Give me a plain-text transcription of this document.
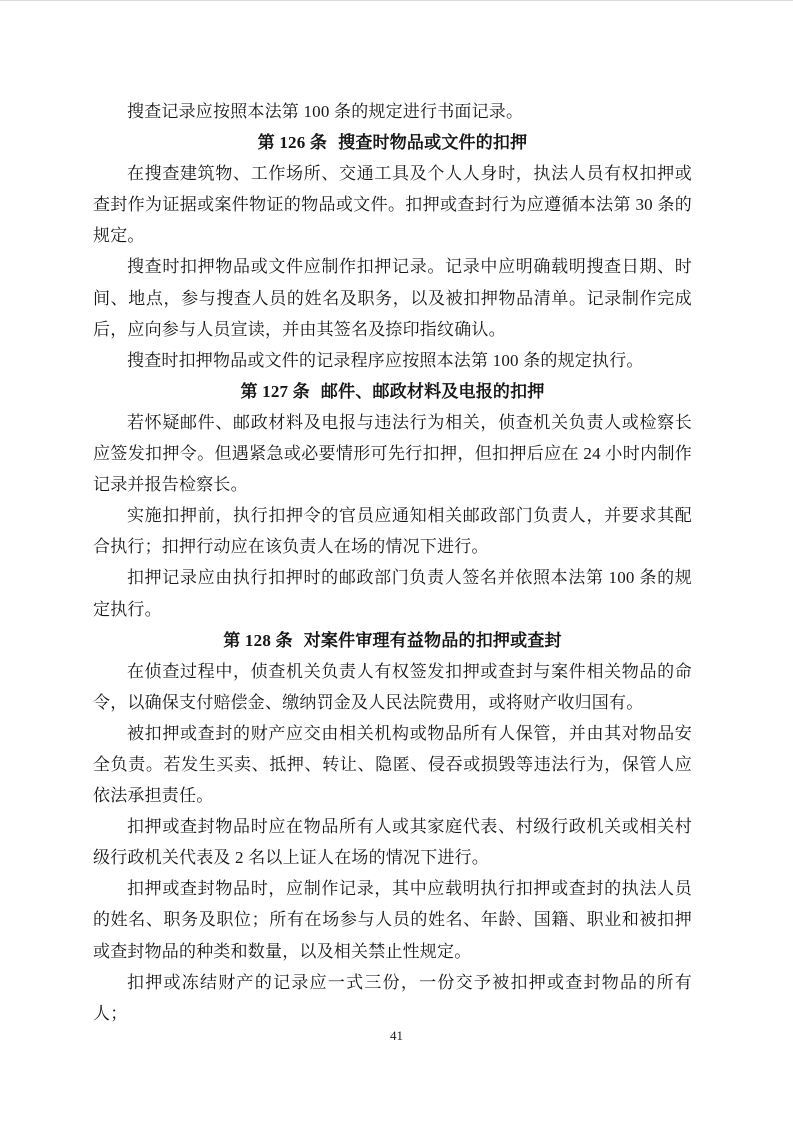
搜查记录应按照本法第 100 条的规定进行书面记录。

第 126 条 搜查时物品或文件的扣押

在搜查建筑物、工作场所、交通工具及个人人身时，执法人员有权扣押或查封作为证据或案件物证的物品或文件。扣押或查封行为应遵循本法第 30 条的规定。

搜查时扣押物品或文件应制作扣押记录。记录中应明确载明搜查日期、时间、地点，参与搜查人员的姓名及职务，以及被扣押物品清单。记录制作完成后，应向参与人员宣读，并由其签名及捺印指纹确认。

搜查时扣押物品或文件的记录程序应按照本法第 100 条的规定执行。

第 127 条 邮件、邮政材料及电报的扣押

若怀疑邮件、邮政材料及电报与违法行为相关，侦查机关负责人或检察长应签发扣押令。但遇紧急或必要情形可先行扣押，但扣押后应在 24 小时内制作记录并报告检察长。

实施扣押前，执行扣押令的官员应通知相关邮政部门负责人，并要求其配合执行；扣押行动应在该负责人在场的情况下进行。

扣押记录应由执行扣押时的邮政部门负责人签名并依照本法第 100 条的规定执行。

第 128 条 对案件审理有益物品的扣押或查封

在侦查过程中，侦查机关负责人有权签发扣押或查封与案件相关物品的命令，以确保支付赔偿金、缴纳罚金及人民法院费用，或将财产收归国有。

被扣押或查封的财产应交由相关机构或物品所有人保管，并由其对物品安全负责。若发生买卖、抵押、转让、隐匿、侵吞或损毁等违法行为，保管人应依法承担责任。

扣押或查封物品时应在物品所有人或其家庭代表、村级行政机关或相关村级行政机关代表及 2 名以上证人在场的情况下进行。

扣押或查封物品时，应制作记录，其中应载明执行扣押或查封的执法人员的姓名、职务及职位；所有在场参与人员的姓名、年龄、国籍、职业和被扣押或查封物品的种类和数量，以及相关禁止性规定。

扣押或冻结财产的记录应一式三份，一份交予被扣押或查封物品的所有人；

41
